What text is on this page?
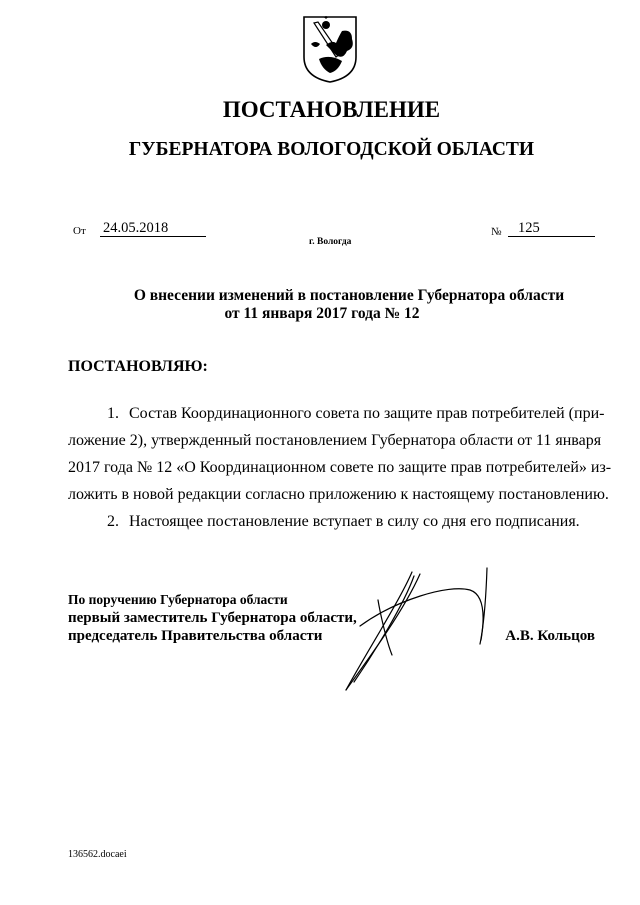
ПОСТАНОВЛЕНИЕ
ГУБЕРНАТОРА ВОЛОГОДСКОЙ ОБЛАСТИ
От 24.05.2018	№	125
г. Вологда
О внесении изменений в постановление Губернатора области
от 11 января 2017 года № 12
ПОСТАНОВЛЯЮ:
1. Состав Координационного совета по защите прав потребителей (при-
ложение 2), утвержденный постановлением Губернатора области от 11 января
2017 года № 12 «О Координационном совете по защите прав потребителей» из-
ложить в новой редакции согласно приложению к настоящему постановлению.
2. Настоящее постановление вступает в силу со дня его подписания.
По поручению Губернатора области
первый заместитель Губернатора области,
председатель Правительства области	А.В. Кольцов
136562.docaei
